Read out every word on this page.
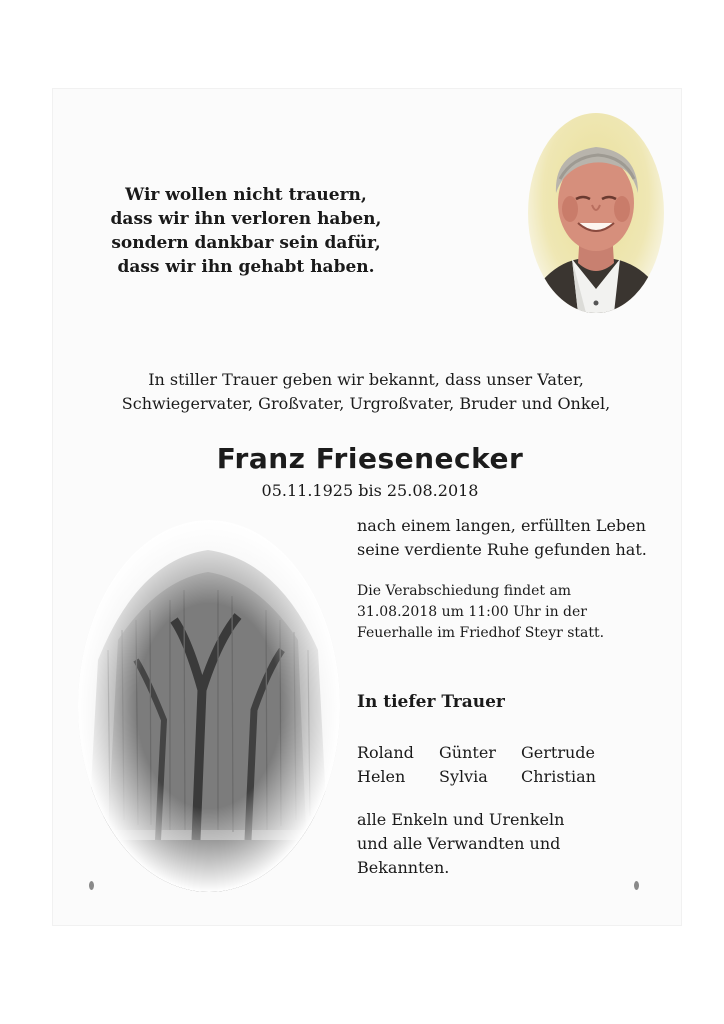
Wir wollen nicht trauern,
dass wir ihn verloren haben,
sondern dankbar sein dafür,
dass wir ihn gehabt haben.

In stiller Trauer geben wir bekannt, dass unser Vater,
Schwiegervater, Großvater, Urgroßvater, Bruder und Onkel,

Franz Friesenecker
05.11.1925 bis 25.08.2018

nach einem langen, erfüllten Leben
seine verdiente Ruhe gefunden hat.

Die Verabschiedung findet am
31.08.2018 um 11:00 Uhr in der
Feuerhalle im Friedhof Steyr statt.

In tiefer Trauer
Roland	Günter	Gertrude
Helen	Sylvia	Christian

alle Enkeln und Urenkeln
und alle Verwandten und
Bekannten.
